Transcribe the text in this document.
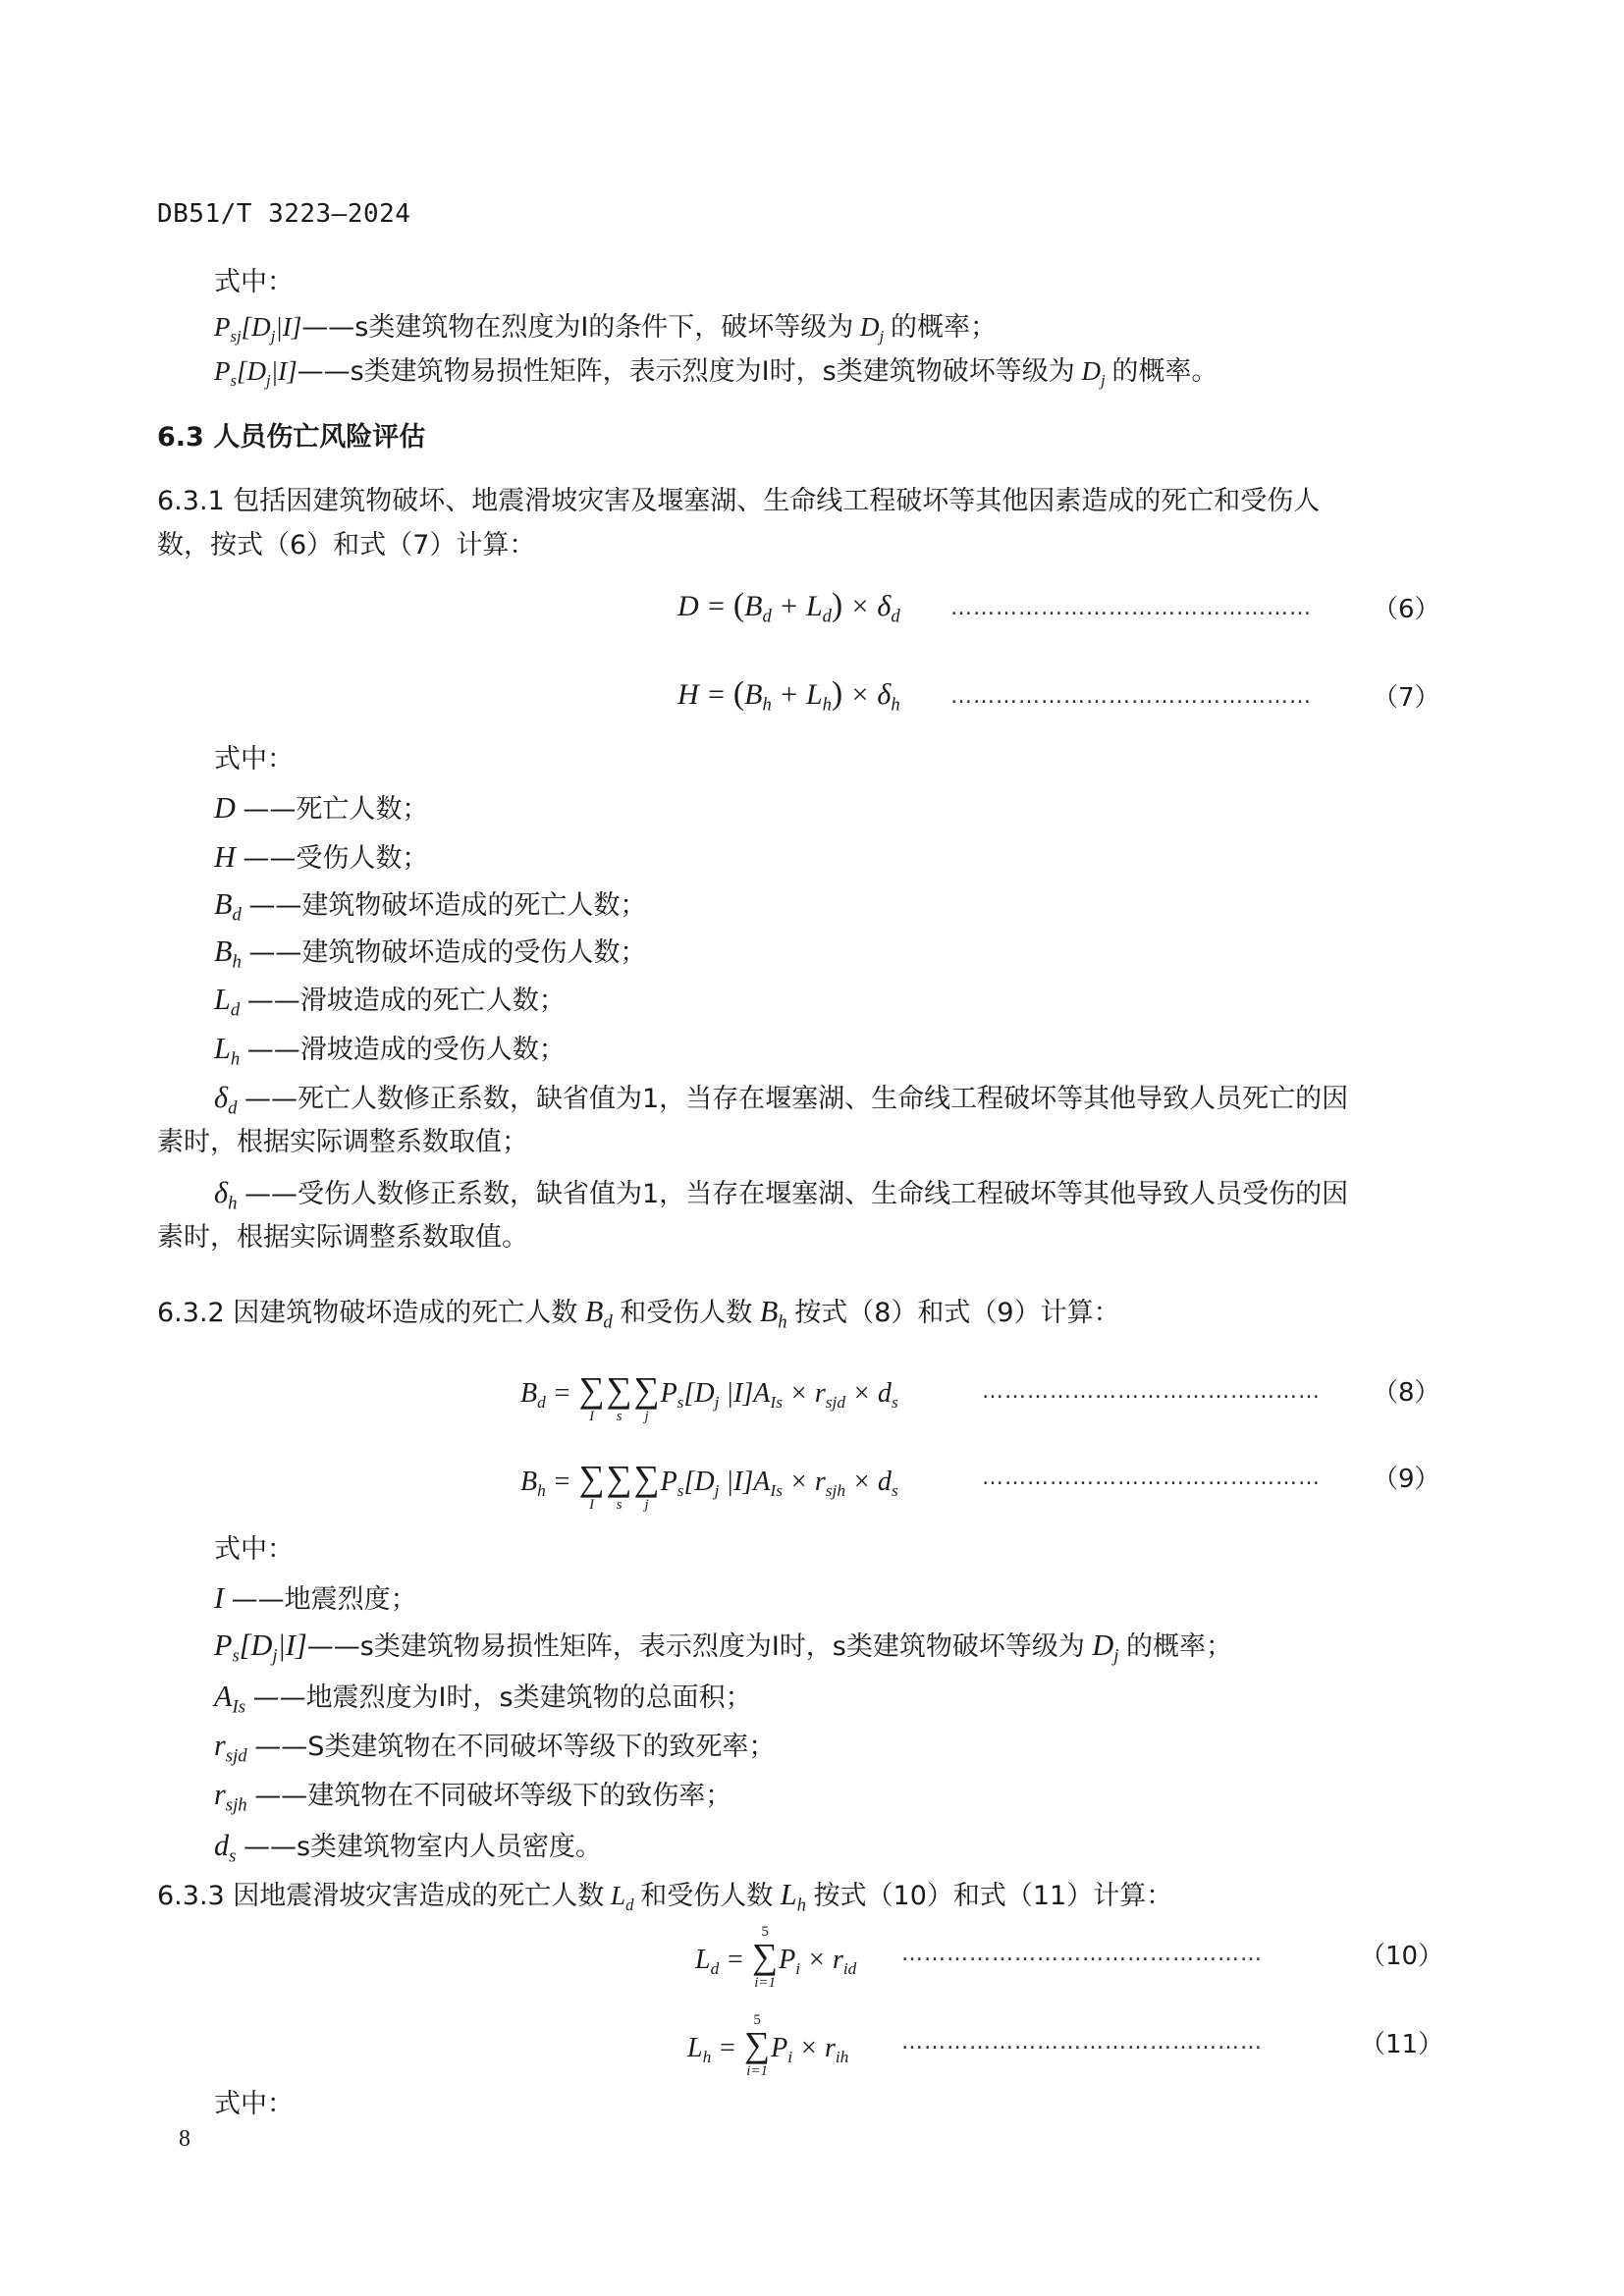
DB51/T 3223—2024
式中：
$P_{sj}[D_j|I]——s$类建筑物在烈度为I的条件下，破坏等级为 $D_j$ 的概率；
$P_s[D_j|I]——s$类建筑物易损性矩阵，表示烈度为I时，s类建筑物破坏等级为 $D_j$ 的概率。
6.3 人员伤亡风险评估
6.3.1 包括因建筑物破坏、地震滑坡灾害及堰塞湖、生命线工程破坏等其他因素造成的死亡和受伤人
数，按式（6）和式（7）计算：
$D = (B_d + L_d) \times \delta_d$ ………………………………………… （6）
$H = (B_h + L_h) \times \delta_h$ ………………………………………… （7）
式中：
D ——死亡人数；
H ——受伤人数；
$B_d$ ——建筑物破坏造成的死亡人数；
$B_h$ ——建筑物破坏造成的受伤人数；
$L_d$ ——滑坡造成的死亡人数；
$L_h$ ——滑坡造成的受伤人数；
$\delta_d$ ——死亡人数修正系数，缺省值为1，当存在堰塞湖、生命线工程破坏等其他导致人员死亡的因
素时，根据实际调整系数取值；
$\delta_h$ ——受伤人数修正系数，缺省值为1，当存在堰塞湖、生命线工程破坏等其他导致人员受伤的因
素时，根据实际调整系数取值。
6.3.2 因建筑物破坏造成的死亡人数 $B_d$ 和受伤人数 $B_h$ 按式（8）和式（9）计算：
$B_d$ = ∑
I
∑
s
∑
j
$P_s[D_j$ $|I]A_{Is} \times r_{sjd} \times d_s$	……………………………………… （8）
$B_h$ = ∑
I
∑
s
∑
j
$P_s[D_j$ $|I]A_{Is} \times r_{sjh} \times d_s$
……………………………………… （9）
式中：
I ——地震烈度；
$P_s[D_j|I]——s$类建筑物易损性矩阵，表示烈度为I时，s类建筑物破坏等级为 $D_j$ 的概率；
$A_{Is}$ ——地震烈度为I时，s类建筑物的总面积；
$r_{sjd}$ ——S类建筑物在不同破坏等级下的致死率；
$r_{sjh}$ ——建筑物在不同破坏等级下的致伤率；
$d_s$ ——s类建筑物室内人员密度。
6.3.3 因地震滑坡灾害造成的死亡人数 $L_d$ 和受伤人数 $L_h$ 按式（10）和式（11）计算：
$L_d$ = ∑
5
i=1
$P_i \times r_{id}$
…………………………………………	（10）
$L_h$ = ∑
5
i=1
$P_i \times r_{ih}$
…………………………………………	（11）
式中：
8
